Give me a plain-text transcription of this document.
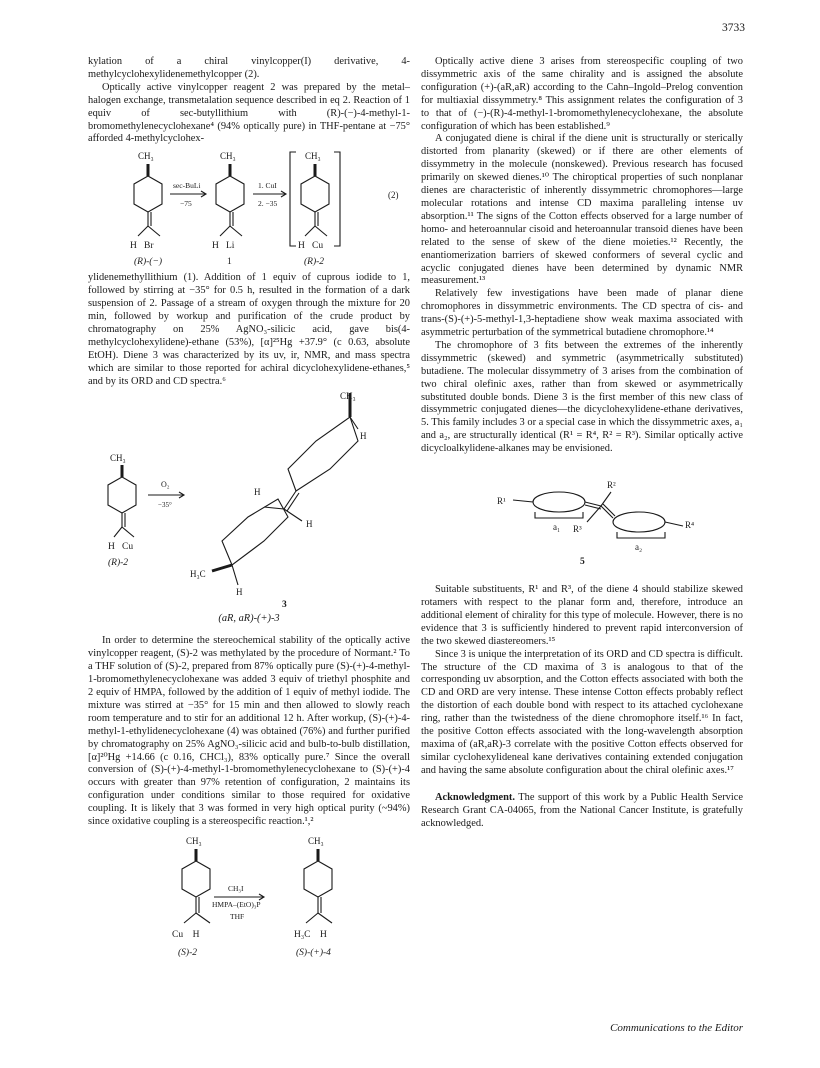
3733

kylation of a chiral vinylcopper(I) derivative, 4-methylcyclohexylidenemethylcopper (2).

Optically active vinylcopper reagent 2 was prepared by the metal–halogen exchange, transmetalation sequence described in eq 2. Reaction of 1 equiv of sec-butyllithium with (R)-(−)-4-methyl-1-bromomethylenecyclohexane⁴ (94% optically pure) in THF-pentane at −75° afforded 4-methylcyclohex-

CH₃	CH₃	CH₃
sec-BuLi
−75
1. CuI
2. −35
(2)
H   Br	H   Li	H   Cu
(R)-(−)	1	(R)-2

ylidenemethyllithium (1). Addition of 1 equiv of cuprous iodide to 1, followed by stirring at −35° for 0.5 h, resulted in the formation of a dark suspension of 2. Passage of a stream of oxygen through the mixture for 20 min, followed by workup and purification of the crude product by chromatography on 25% AgNO₃-silicic acid, gave bis(4-methylcyclohexylidene)-ethane (53%), [α]²⁵Hg +37.9° (c 0.63, absolute EtOH). Diene 3 was characterized by its uv, ir, NMR, and mass spectra which are similar to those reported for achiral dicyclohexylidene-ethanes,⁵ and by its ORD and CD spectra.⁶

CH₃
O₂
−35°
H   Cu
(R)-2
CH₃
H
H
H
H₃C
H
3
(aR, aR)-(+)-3

In order to determine the stereochemical stability of the optically active vinylcopper reagent, (S)-2 was methylated by the procedure of Normant.² To a THF solution of (S)-2, prepared from 87% optically pure (S)-(+)-4-methyl-1-bromomethylenecyclohexane was added 3 equiv of triethyl phosphite and 2 equiv of HMPA, followed by the addition of 1 equiv of methyl iodide. The mixture was stirred at −35° for 15 min and then allowed to slowly reach room temperature and to stir for an additional 12 h. After workup, (S)-(+)-4-methyl-1-ethylidenecyclohexane (4) was obtained (76%) and further purified by chromatography on 25% AgNO₃-silicic acid and bulb-to-bulb distillation, [α]²⁰Hg +14.66 (c 0.16, CHCl₃), 83% optically pure.⁷ Since the overall conversion of (S)-(+)-4-methyl-1-bromomethylenecyclohexane to (S)-(+)-4 occurs with greater than 97% retention of configuration, 2 maintains its configuration under conditions similar to those required for oxidative coupling. It is likely that 3 was formed in very high optical purity (~94%) since oxidative coupling is a stereospecific reaction.¹,²

CH₃	CH₃
CH₃I
HMPA–(EtO)₃P
THF
Cu    H	H₃C    H
(S)-2	(S)-(+)-4

Optically active diene 3 arises from stereospecific coupling of two dissymmetric axis of the same chirality and is assigned the absolute configuration (+)-(aR,aR) according to the Cahn–Ingold–Prelog convention for multiaxial dissymmetry.⁸ This assignment relates the configuration of 3 to that of (−)-(R)-4-methyl-1-bromomethylenecyclohexane, the absolute configuration of which has been established.⁹

A conjugated diene is chiral if the diene unit is structurally or sterically distorted from planarity (skewed) or if there are other elements of dissymmetry in the molecule (nonskewed). Previous research has focused primarily on skewed dienes.¹⁰ The chiroptical properties of such nonplanar dienes are characteristic of inherently dissymmetric chromophores—large molecular rotations and intense CD maxima paralleling intense uv absorption.¹¹ The signs of the Cotton effects observed for a large number of homo- and heteroannular cisoid and heteroannular transoid dienes have been related to the sense of skew of the diene moieties.¹² Recently, the enantiomerization barriers of skewed conformers of several cyclic and acyclic conjugated dienes have been determined by dynamic NMR measurement.¹³

Relatively few investigations have been made of planar diene chromophores in dissymmetric environments. The CD spectra of cis- and trans-(S)-(+)-5-methyl-1,3-heptadiene show weak maxima associated with asymmetric perturbation of the symmetrical butadiene chromophore.¹⁴

The chromophore of 3 fits between the extremes of the inherently dissymmetric (skewed) and symmetric (asymmetrically substituted) butadiene. The molecular dissymmetry of 3 arises from the combination of two chiral olefinic axes, rather than from skewed or asymmetrically substituted double bonds. Diene 3 is the first member of this new class of dissymmetric conjugated dienes—the dicyclohexylidene-ethane derivatives, 5. This family includes 3 or a special case in which the dissymmetric axes, a₁ and a₂, are structurally identical (R¹ = R⁴, R² = R³). Similar optically active dicycloalkylidene-alkanes may be envisioned.

R¹
R²
R³	R⁴
a₁
a₂
5

Suitable substituents, R¹ and R³, of the diene 4 should stabilize skewed rotamers with respect to the planar form and, therefore, introduce an additional element of chirality for this type of molecule. However, there is no evidence that 3 is sufficiently hindered to prevent rapid interconversion of the two skewed diastereomers.¹⁵

Since 3 is unique the interpretation of its ORD and CD spectra is difficult. The structure of the CD maxima of 3 is analogous to that of the corresponding uv absorption, and the Cotton effects associated with both the CD and ORD are very intense. These intense Cotton effects probably reflect the distortion of each double bond with respect to its attached cyclohexane ring, rather than the twistedness of the diene chromophore itself.¹⁶ In fact, the positive Cotton effects associated with the long-wavelength absorption maxima of (aR,aR)-3 correlate with the positive Cotton effects observed for similar cyclohexylideneal kane derivatives containing extended conjugation and having the same absolute configuration about the chiral olefinic axes.¹⁷

Acknowledgment. The support of this work by a Public Health Service Research Grant CA-04065, from the National Cancer Institute, is gratefully acknowledged.

Communications to the Editor
